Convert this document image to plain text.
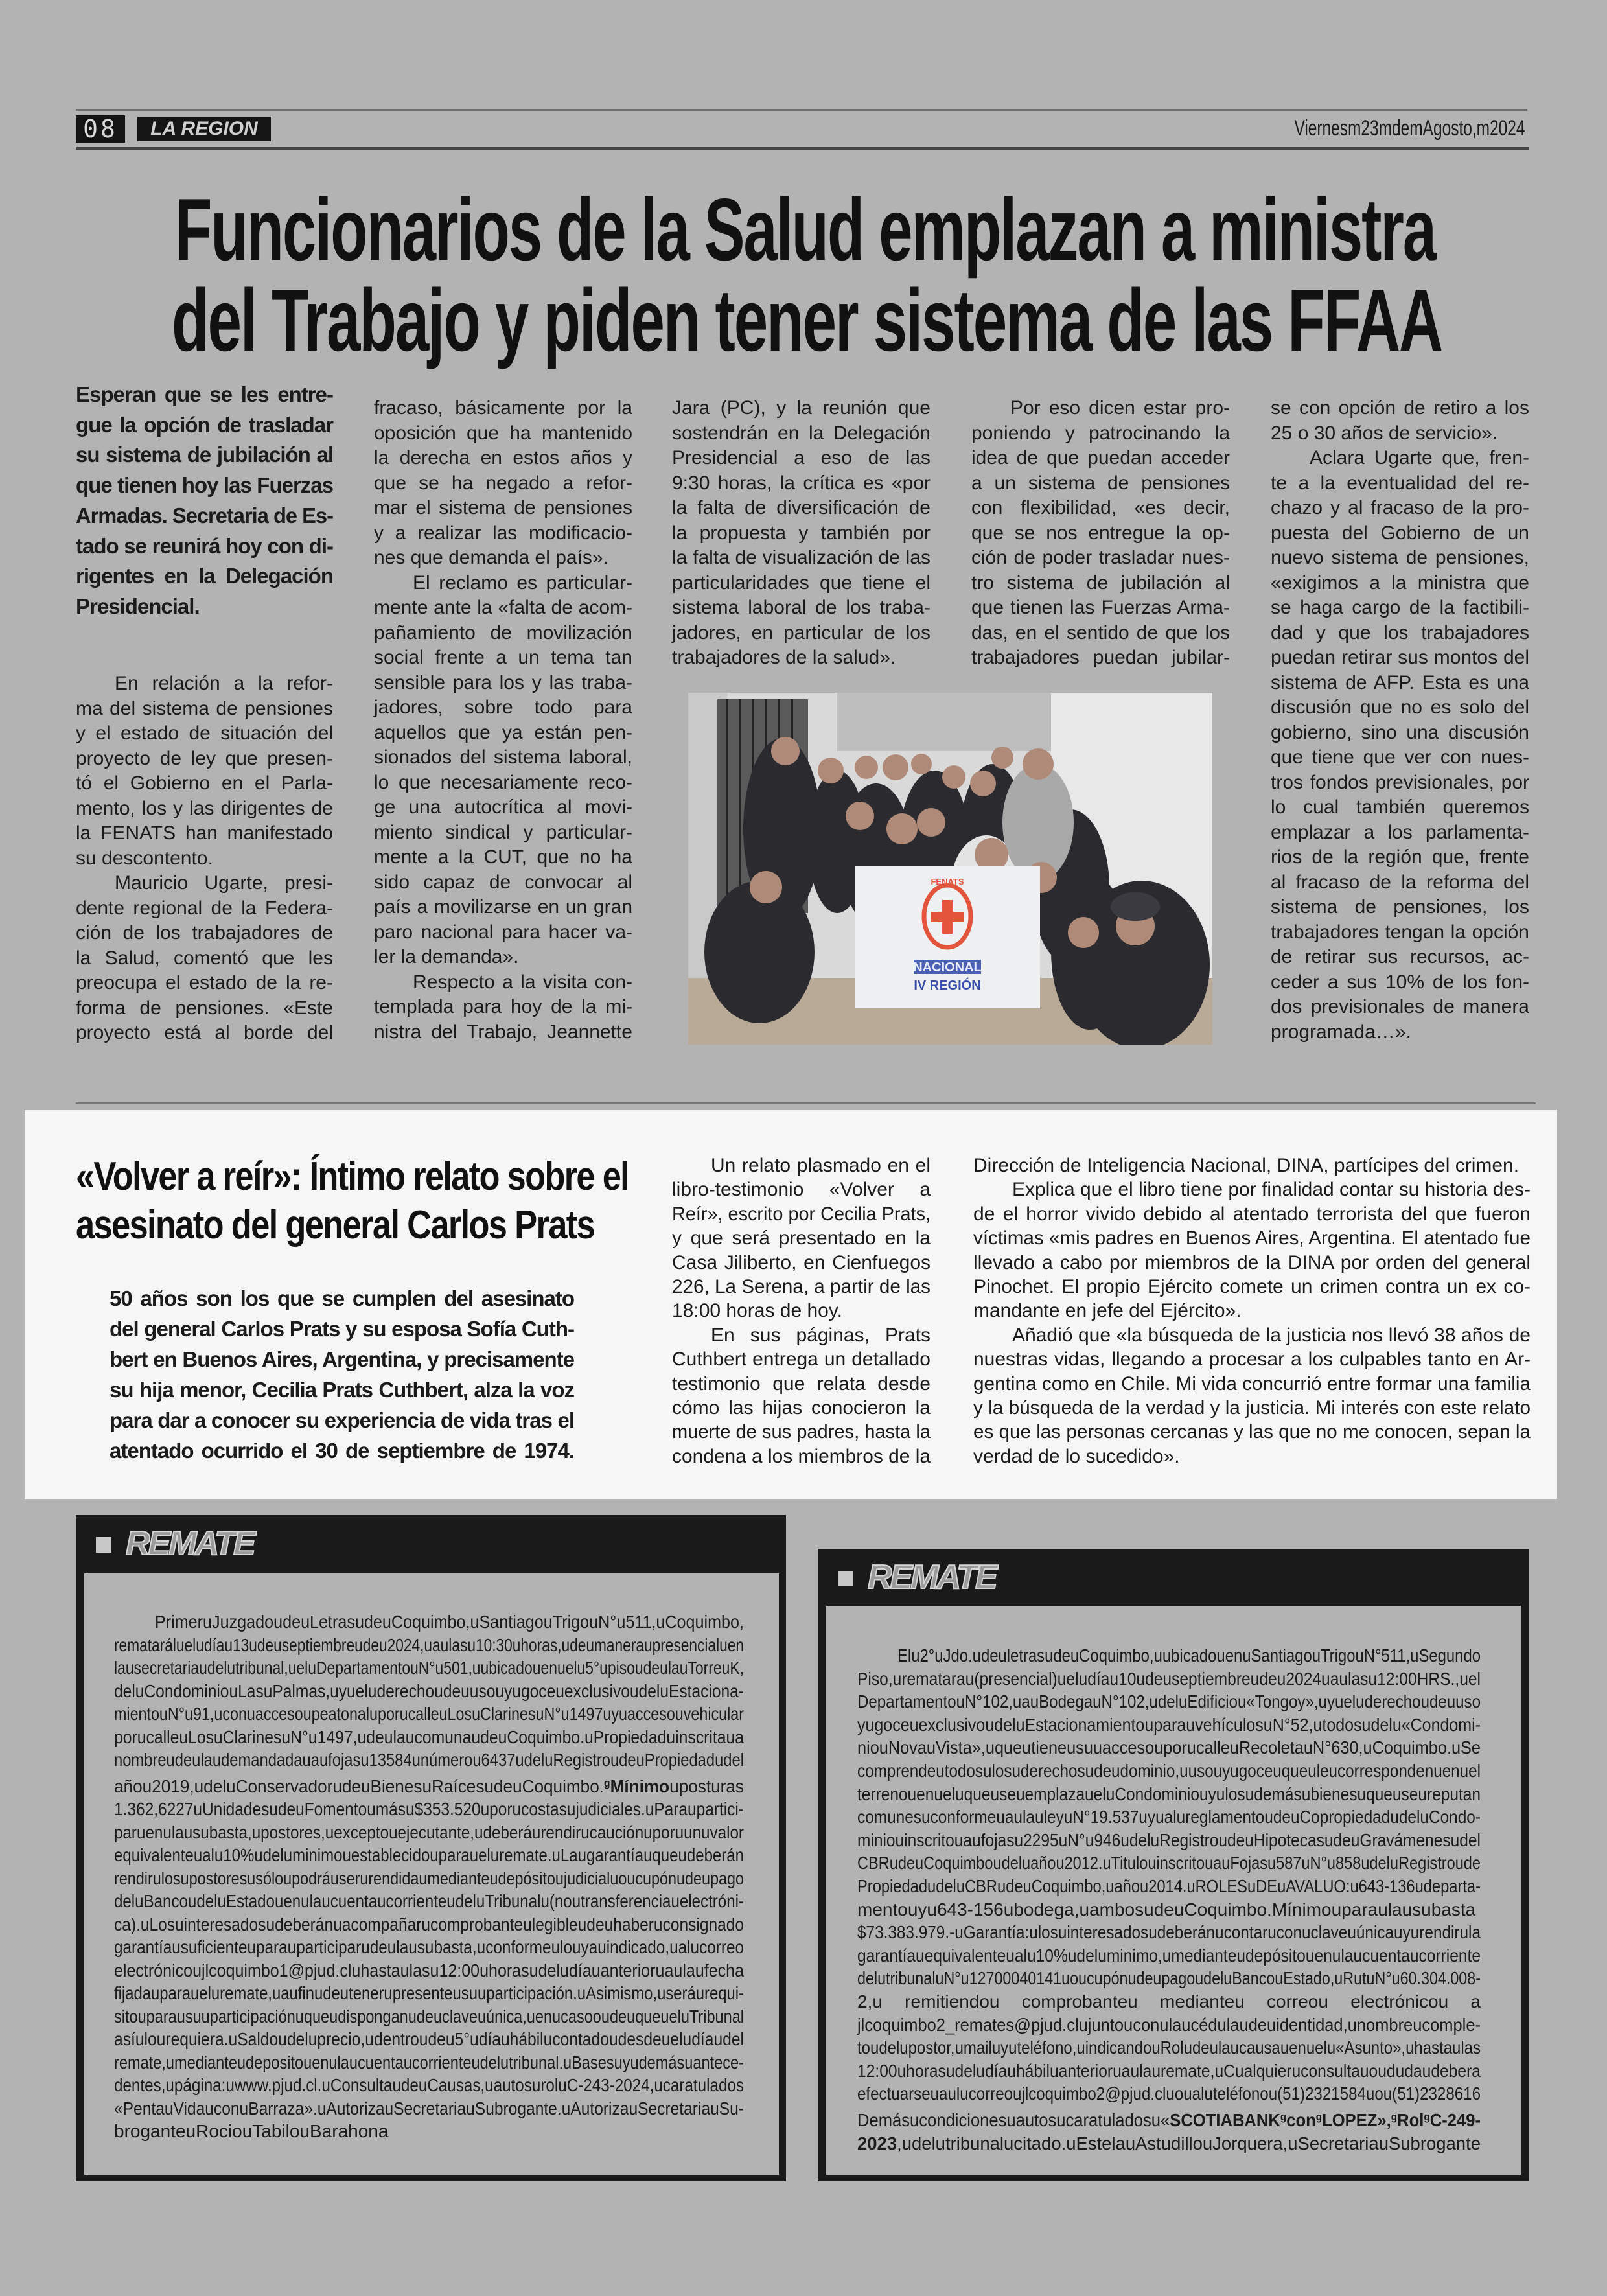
08	LA REGION	Viernesm23mdemAgosto,m2024
Funcionarios de la Salud emplazan a ministra
del Trabajo y piden tener sistema de las FFAA
Esperan que se les entre-
gue la opción de trasladar
su sistema de jubilación al
que tienen hoy las Fuerzas
Armadas. Secretaria de Es-
tado se reunirá hoy con di-
rigentes en la Delegación
Presidencial.
En relación a la refor-
ma del sistema de pensiones
y el estado de situación del
proyecto de ley que presen-
tó el Gobierno en el Parla-
mento, los y las dirigentes de
la FENATS han manifestado
su descontento.
Mauricio Ugarte, presi-
dente regional de la Federa-
ción de los trabajadores de
la Salud, comentó que les
preocupa el estado de la re-
forma de pensiones. «Este
proyecto está al borde del
fracaso, básicamente por la
oposición que ha mantenido
la derecha en estos años y
que se ha negado a refor-
mar el sistema de pensiones
y a realizar las modificacio-
nes que demanda el país».
El reclamo es particular-
mente ante la «falta de acom-
pañamiento de movilización
social frente a un tema tan
sensible para los y las traba-
jadores, sobre todo para
aquellos que ya están pen-
sionados del sistema laboral,
lo que necesariamente reco-
ge una autocrítica al movi-
miento sindical y particular-
mente a la CUT, que no ha
sido capaz de convocar al
país a movilizarse en un gran
paro nacional para hacer va-
ler la demanda».
Respecto a la visita con-
templada para hoy de la mi-
nistra del Trabajo, Jeannette
Jara (PC), y la reunión que
sostendrán en la Delegación
Presidencial a eso de las
9:30 horas, la crítica es «por
la falta de diversificación de
la propuesta y también por
la falta de visualización de las
particularidades que tiene el
sistema laboral de los traba-
jadores, en particular de los
trabajadores de la salud».
Por eso dicen estar pro-
poniendo y patrocinando la
idea de que puedan acceder
a un sistema de pensiones
con flexibilidad, «es decir,
que se nos entregue la op-
ción de poder trasladar nues-
tro sistema de jubilación al
que tienen las Fuerzas Arma-
das, en el sentido de que los
trabajadores puedan jubilar-
se con opción de retiro a los
25 o 30 años de servicio».
Aclara Ugarte que, fren-
te a la eventualidad del re-
chazo y al fracaso de la pro-
puesta del Gobierno de un
nuevo sistema de pensiones,
«exigimos a la ministra que
se haga cargo de la factibili-
dad y que los trabajadores
puedan retirar sus montos del
sistema de AFP. Esta es una
discusión que no es solo del
gobierno, sino una discusión
que tiene que ver con nues-
tros fondos previsionales, por
lo cual también queremos
emplazar a los parlamenta-
rios de la región que, frente
al fracaso de la reforma del
sistema de pensiones, los
trabajadores tengan la opción
de retirar sus recursos, ac-
ceder a sus 10% de los fon-
dos previsionales de manera
programada…».
FENATS
NACIONAL
IV REGIÓN
«Volver a reír»: Íntimo relato sobre el
asesinato del general Carlos Prats
50 años son los que se cumplen del asesinato
del general Carlos Prats y su esposa Sofía Cuth-
bert en Buenos Aires, Argentina, y precisamente
su hija menor, Cecilia Prats Cuthbert, alza la voz
para dar a conocer su experiencia de vida tras el
atentado ocurrido el 30 de septiembre de 1974.
Un relato plasmado en el
libro-testimonio «Volver a
Reír», escrito por Cecilia Prats,
y que será presentado en la
Casa Jiliberto, en Cienfuegos
226, La Serena, a partir de las
18:00 horas de hoy.
En sus páginas, Prats
Cuthbert entrega un detallado
testimonio que relata desde
cómo las hijas conocieron la
muerte de sus padres, hasta la
condena a los miembros de la
Dirección de Inteligencia Nacional, DINA, partícipes del crimen.
Explica que el libro tiene por finalidad contar su historia des-
de el horror vivido debido al atentado terrorista del que fueron
víctimas «mis padres en Buenos Aires, Argentina. El atentado fue
llevado a cabo por miembros de la DINA por orden del general
Pinochet. El propio Ejército comete un crimen contra un ex co-
mandante en jefe del Ejército».
Añadió que «la búsqueda de la justicia nos llevó 38 años de
nuestras vidas, llegando a procesar a los culpables tanto en Ar-
gentina como en Chile. Mi vida concurrió entre formar una familia
y la búsqueda de la verdad y la justicia. Mi interés con este relato
es que las personas cercanas y las que no me conocen, sepan la
verdad de lo sucedido».
REMATE
PrimeruJuzgadoudeuLetrasudeuCoquimbo,uSantiagouTrigouN°u511,uCoquimbo,
rematarálueludíau13udeuseptiembreudeu2024,uaulasu10:30uhoras,udeumaneraupresencialuen
lausecretariaudelutribunal,ueluDepartamentouN°u501,uubicadouenuelu5°upisoudeulauTorreuK,
deluCondominiouLasuPalmas,uyueluderechoudeuusouyugoceuexclusivoudeluEstaciona-
mientouN°u91,uconuaccesoupeatonaluporucalleuLosuClarinesuN°u1497uyuaccesouvehicular
porucalleuLosuClarinesuN°u1497,udeulaucomunaudeuCoquimbo.uPropiedaduinscritaua
nombreudeulaudemandadauaufojasu13584unúmerou6437udeluRegistroudeuPropiedadudel
añou2019,udeluConservadorudeuBienesuRaícesudeuCoquimbo.$^g$Mínimouposturas
1.362,6227uUnidadesudeuFomentoumásu$353.520uporucostasujudiciales.uParaupartici-
paruenulausubasta,upostores,uexceptouejecutante,udeberáurendirucauciónuporuunuvalor
equivalenteualu10%udeluminimouestablecidouparaueluremate.uLaugarantíauqueudeberán
rendirulosupostoresusóloupodráuserurendidaumedianteudepósitoujudicialuoucupónudeupago
deluBancoudeluEstadouenulaucuentaucorrienteudeluTribunalu(noutransferenciauelectróni-
ca).uLosuinteresadosudeberánuacompañarucomprobanteulegibleudeuhaberuconsignado
garantíausuficienteuparauparticiparudeulausubasta,uconformeulouyauindicado,ualucorreo
electrónicoujlcoquimbo1@pjud.cluhastaulasu12:00uhorasudeludíauanterioruaulaufecha
fijadauparaueluremate,uaufinudeutenerupresenteusuuparticipación.uAsimismo,useráurequi-
sitouparausuuparticipaciónuqueudisponganudeuclaveuúnica,uenucasooudeuqueueluTribunal
asíulourequiera.uSaldoudeluprecio,udentroudeu5°udíauhábilucontadoudesdeueludíaudel
remate,umedianteudepositouenulaucuentaucorrienteudelutribunal.uBasesuyudemásuantece-
dentes,upágina:uwww.pjud.cl.uConsultaudeuCausas,uautosuroluC-243-2024,ucaratulados
«PentauVidauconuBarraza».uAutorizauSecretariauSubrogante.uAutorizauSecretariauSu-
broganteuRociouTabilouBarahona
REMATE
Elu2°uJdo.udeuletrasudeuCoquimbo,uubicadouenuSantiagouTrigouN°511,uSegundo
Piso,urematarau(presencial)ueludíau10udeuseptiembreudeu2024uaulasu12:00HRS.,uel
DepartamentouN°102,uauBodegauN°102,udeluEdificiou«Tongoy»,uyueluderechoudeuuso
yugoceuexclusivoudeluEstacionamientouparauvehículosuN°52,utodosudelu«Condomi-
niouNovauVista»,uqueutieneusuuaccesouporucalleuRecoletauN°630,uCoquimbo.uSe
comprendeutodosulosuderechosudeudominio,uusouyugoceuqueuleucorrespondenuenuel
terrenouenueluqueuseuemplazaueluCondominiouyulosudemásubienesuqueuseureputan
comunesuconformeuaulauleyuN°19.537uyualureglamentoudeuCopropiedadudeluCondo-
miniouinscritouaufojasu2295uN°u946udeluRegistroudeuHipotecasudeuGravámenesudel
CBRudeuCoquimboudeluañou2012.uTitulouinscritouauFojasu587uN°u858udeluRegistroude
PropiedadudeluCBRudeuCoquimbo,uañou2014.uROLESuDEuAVALUO:u643-136udeparta-
mentouyu643-156ubodega,uambosudeuCoquimbo.Mínimouparaulausubasta
$73.383.979.-uGarantía:ulosuinteresadosudeberánucontaruconuclaveuúnicauyurendirula
garantíauequivalenteualu10%udeluminimo,umedianteudepósitouenulaucuentaucorriente
delutribunaluN°u12700040141uoucupónudeupagoudeluBancouEstado,uRutuN°u60.304.008-
2,u remitiendou comprobanteu medianteu correou electrónicou a
jlcoquimbo2_remates@pjud.clujuntouconulaucédulaudeuidentidad,unombreucomple-
toudelupostor,umailuyuteléfono,uindicandouRoludeulaucausauenuelu«Asunto»,uhastaulas
12:00uhorasudeludíauhábiluanterioruaulauremate,uCualquieruconsultauoududaudebera
efectuarseuaulucorreoujlcoquimbo2@pjud.cluoualuteléfonou(51)2321584uou(51)2328616
Demásucondicionesuautosucaratuladosu«SCOTIABANK$^g$con$^g$LOPEZ»,$^g$Rol$^g$C-249-
2023,udelutribunalucitado.uEstelauAstudillouJorquera,uSecretariauSubrogante
